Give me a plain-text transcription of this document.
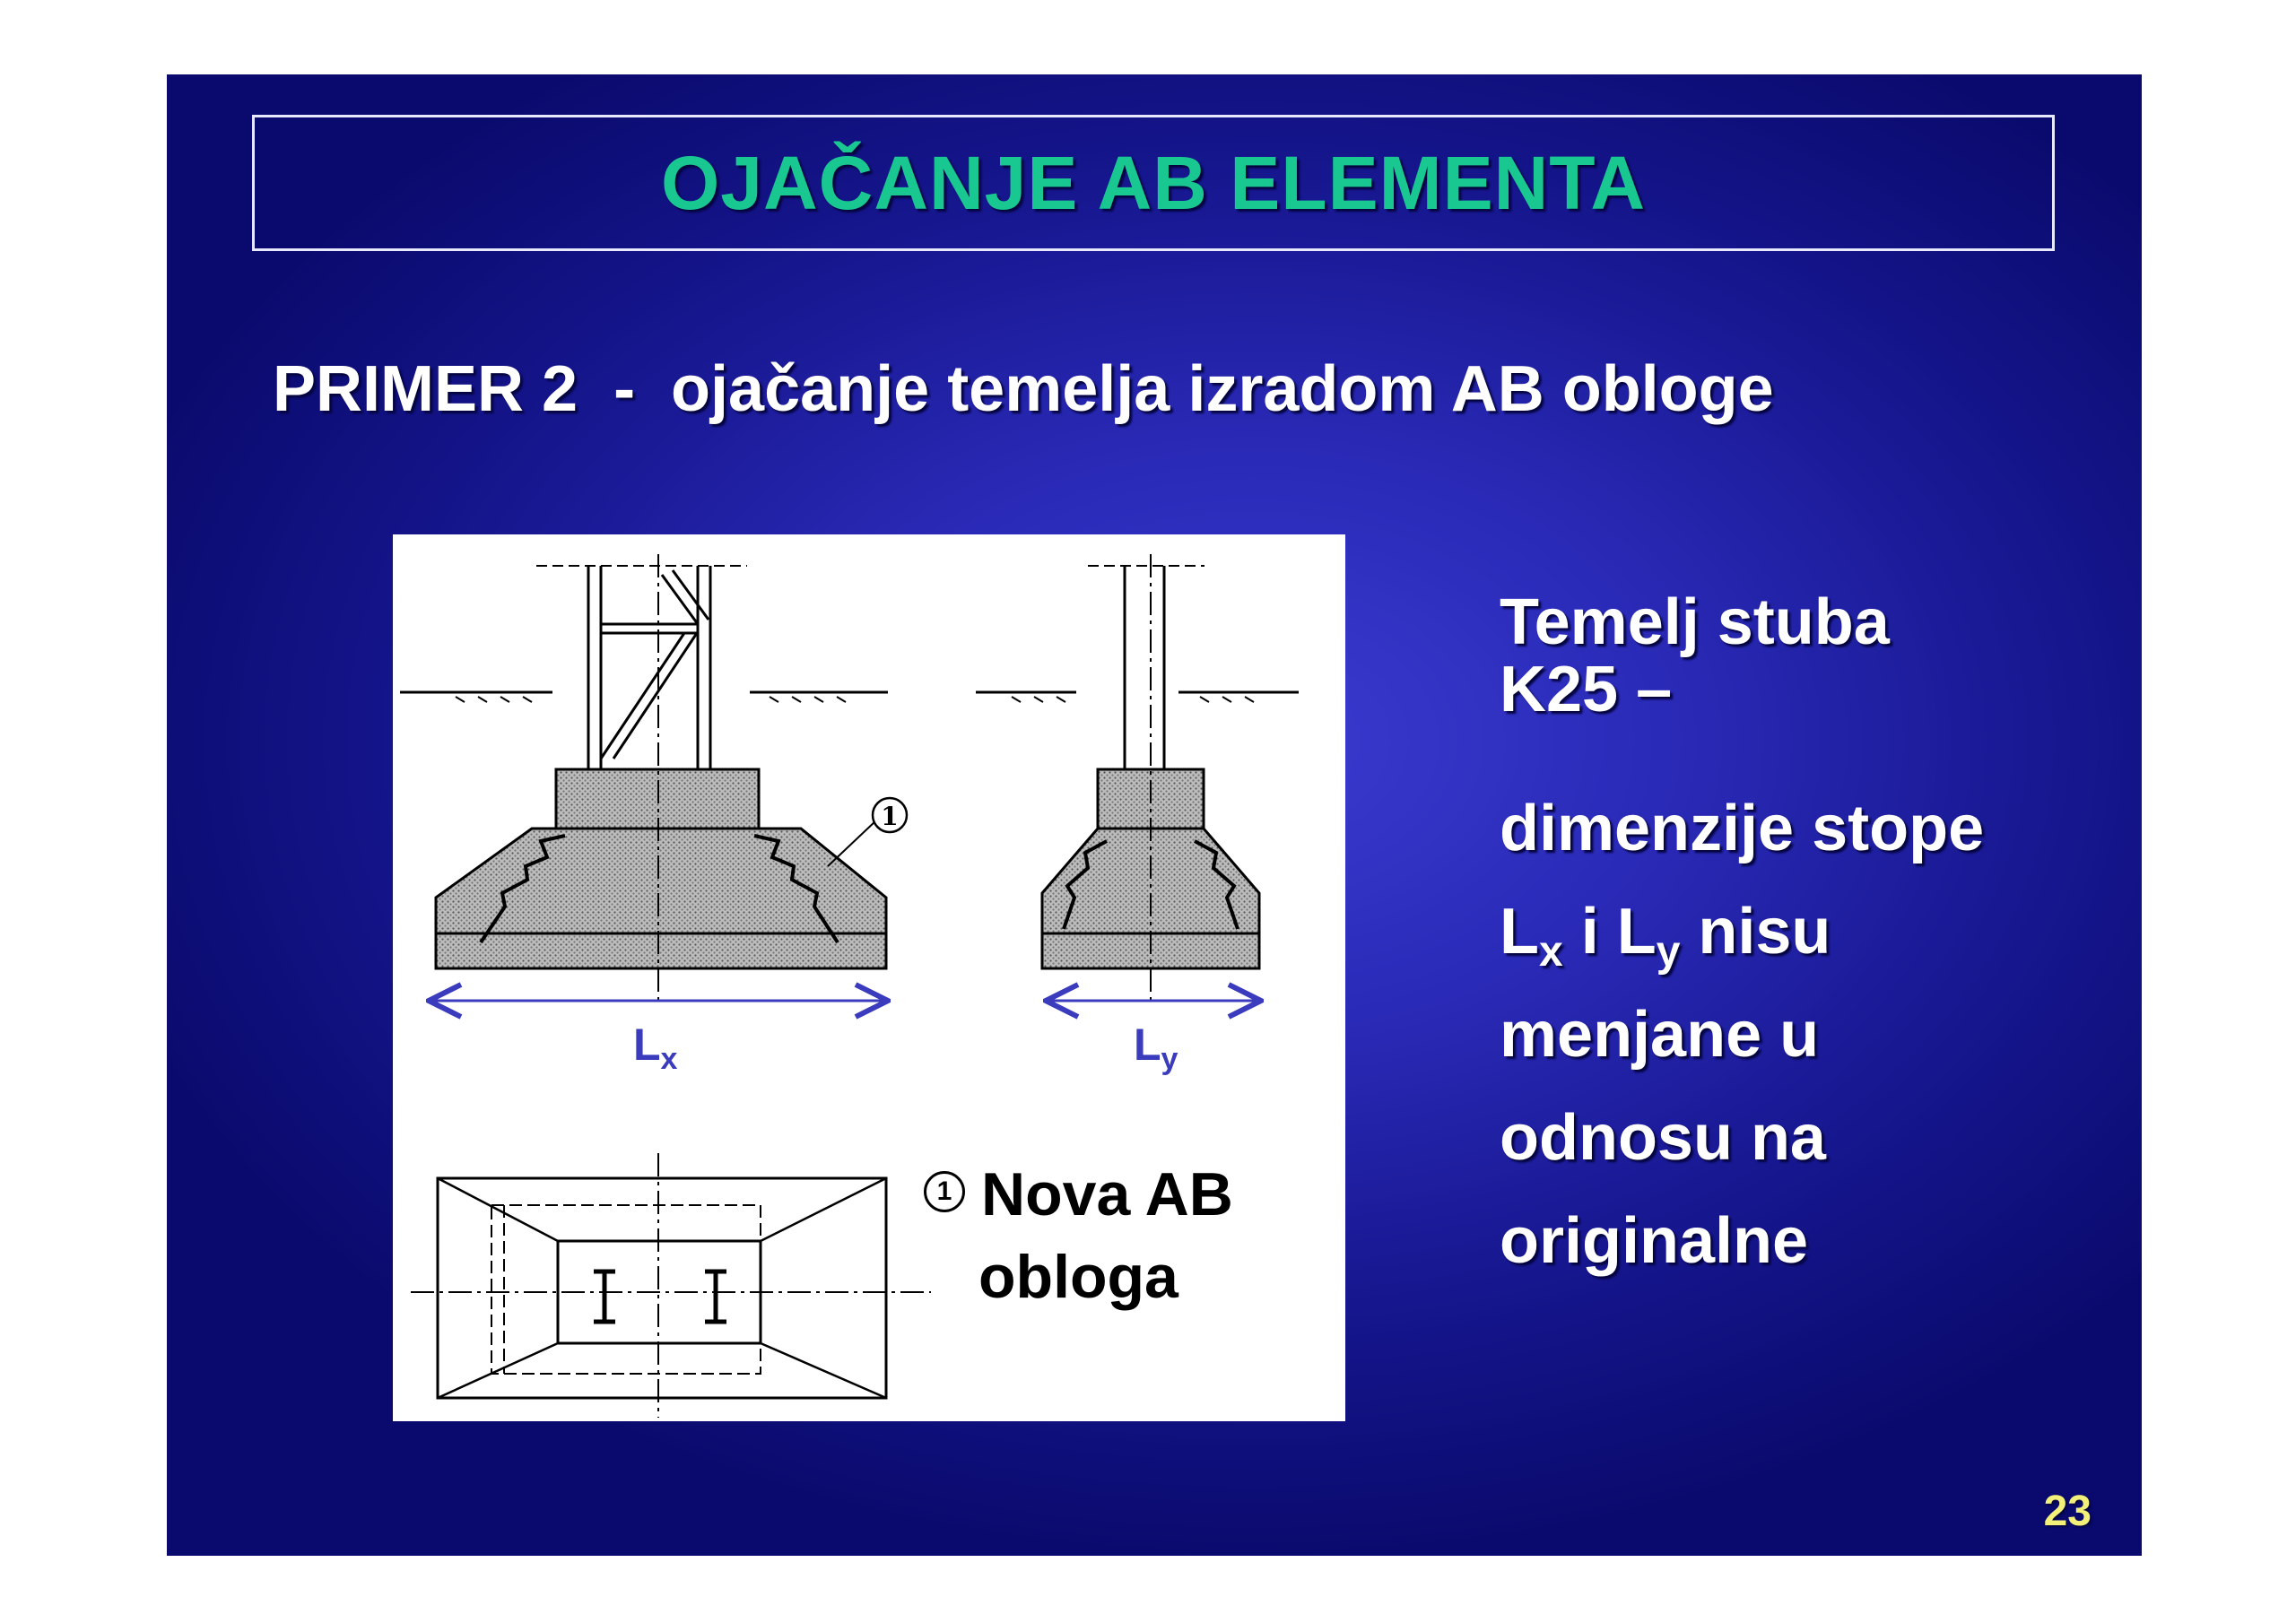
OJAČANJE AB ELEMENTA
PRIMER 2  -  ojačanje temelja izradom AB obloge
1
$L_x$	$L_y$
1 Nova AB
obloga
Temelj stuba
K25 –
dimenzije stope
$L_x$ i $L_y$ nisu
menjane u
odnosu na
originalne
23
